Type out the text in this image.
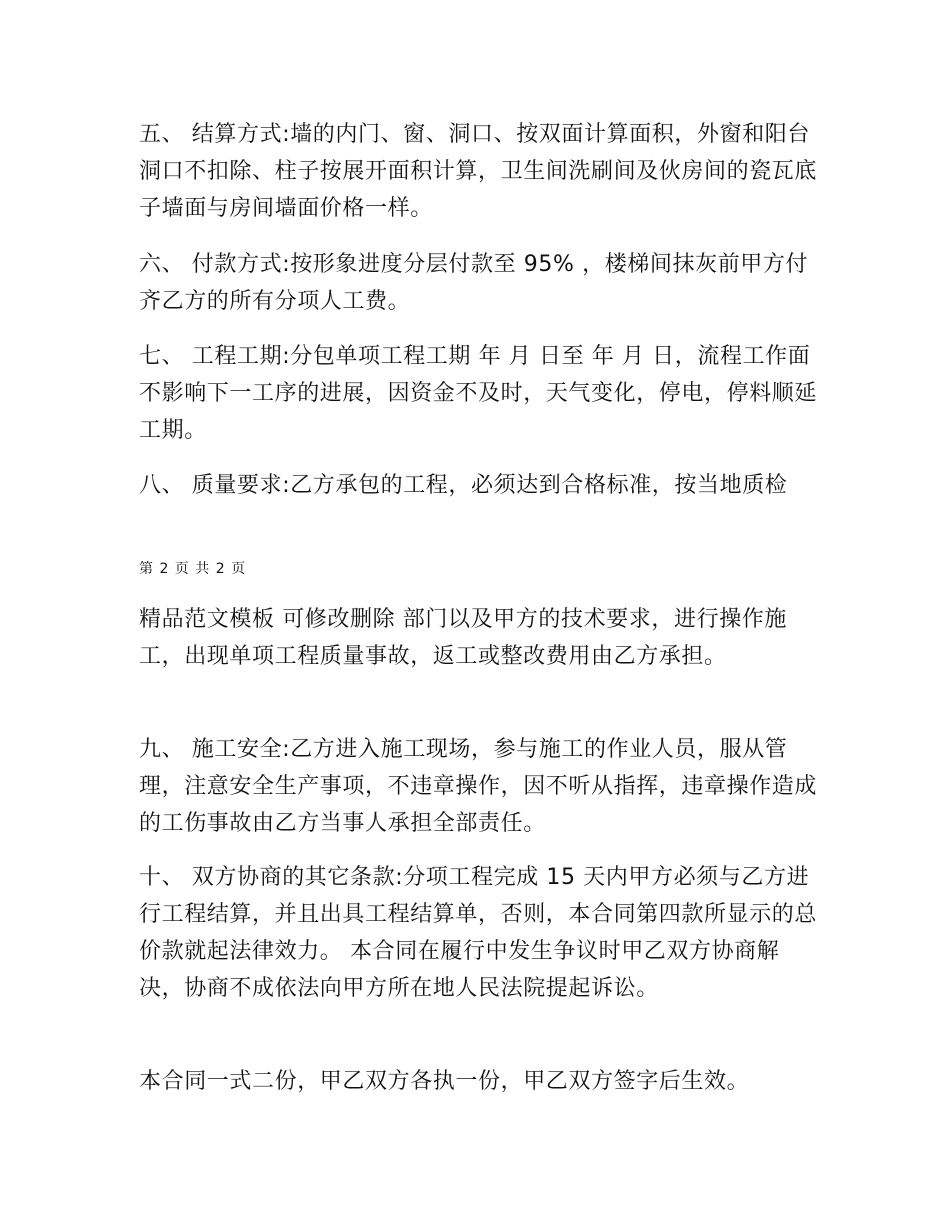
五、 结算方式:墙的内门、窗、洞口、按双面计算面积，外窗和阳台洞口不扣除、柱子按展开面积计算，卫生间洗刷间及伙房间的瓷瓦底子墙面与房间墙面价格一样。

六、 付款方式:按形象进度分层付款至 95% ，楼梯间抹灰前甲方付齐乙方的所有分项人工费。

七、 工程工期:分包单项工程工期 年 月 日至 年 月 日，流程工作面不影响下一工序的进展，因资金不及时，天气变化，停电，停料顺延工期。

八、 质量要求:乙方承包的工程，必须达到合格标准，按当地质检

第 2 页 共 2 页

精品范文模板 可修改删除 部门以及甲方的技术要求，进行操作施工，出现单项工程质量事故，返工或整改费用由乙方承担。

九、 施工安全:乙方进入施工现场，参与施工的作业人员，服从管理，注意安全生产事项，不违章操作，因不听从指挥，违章操作造成的工伤事故由乙方当事人承担全部责任。

十、 双方协商的其它条款:分项工程完成 15 天内甲方必须与乙方进行工程结算，并且出具工程结算单，否则，本合同第四款所显示的总价款就起法律效力。 本合同在履行中发生争议时甲乙双方协商解决，协商不成依法向甲方所在地人民法院提起诉讼。

本合同一式二份，甲乙双方各执一份，甲乙双方签字后生效。
